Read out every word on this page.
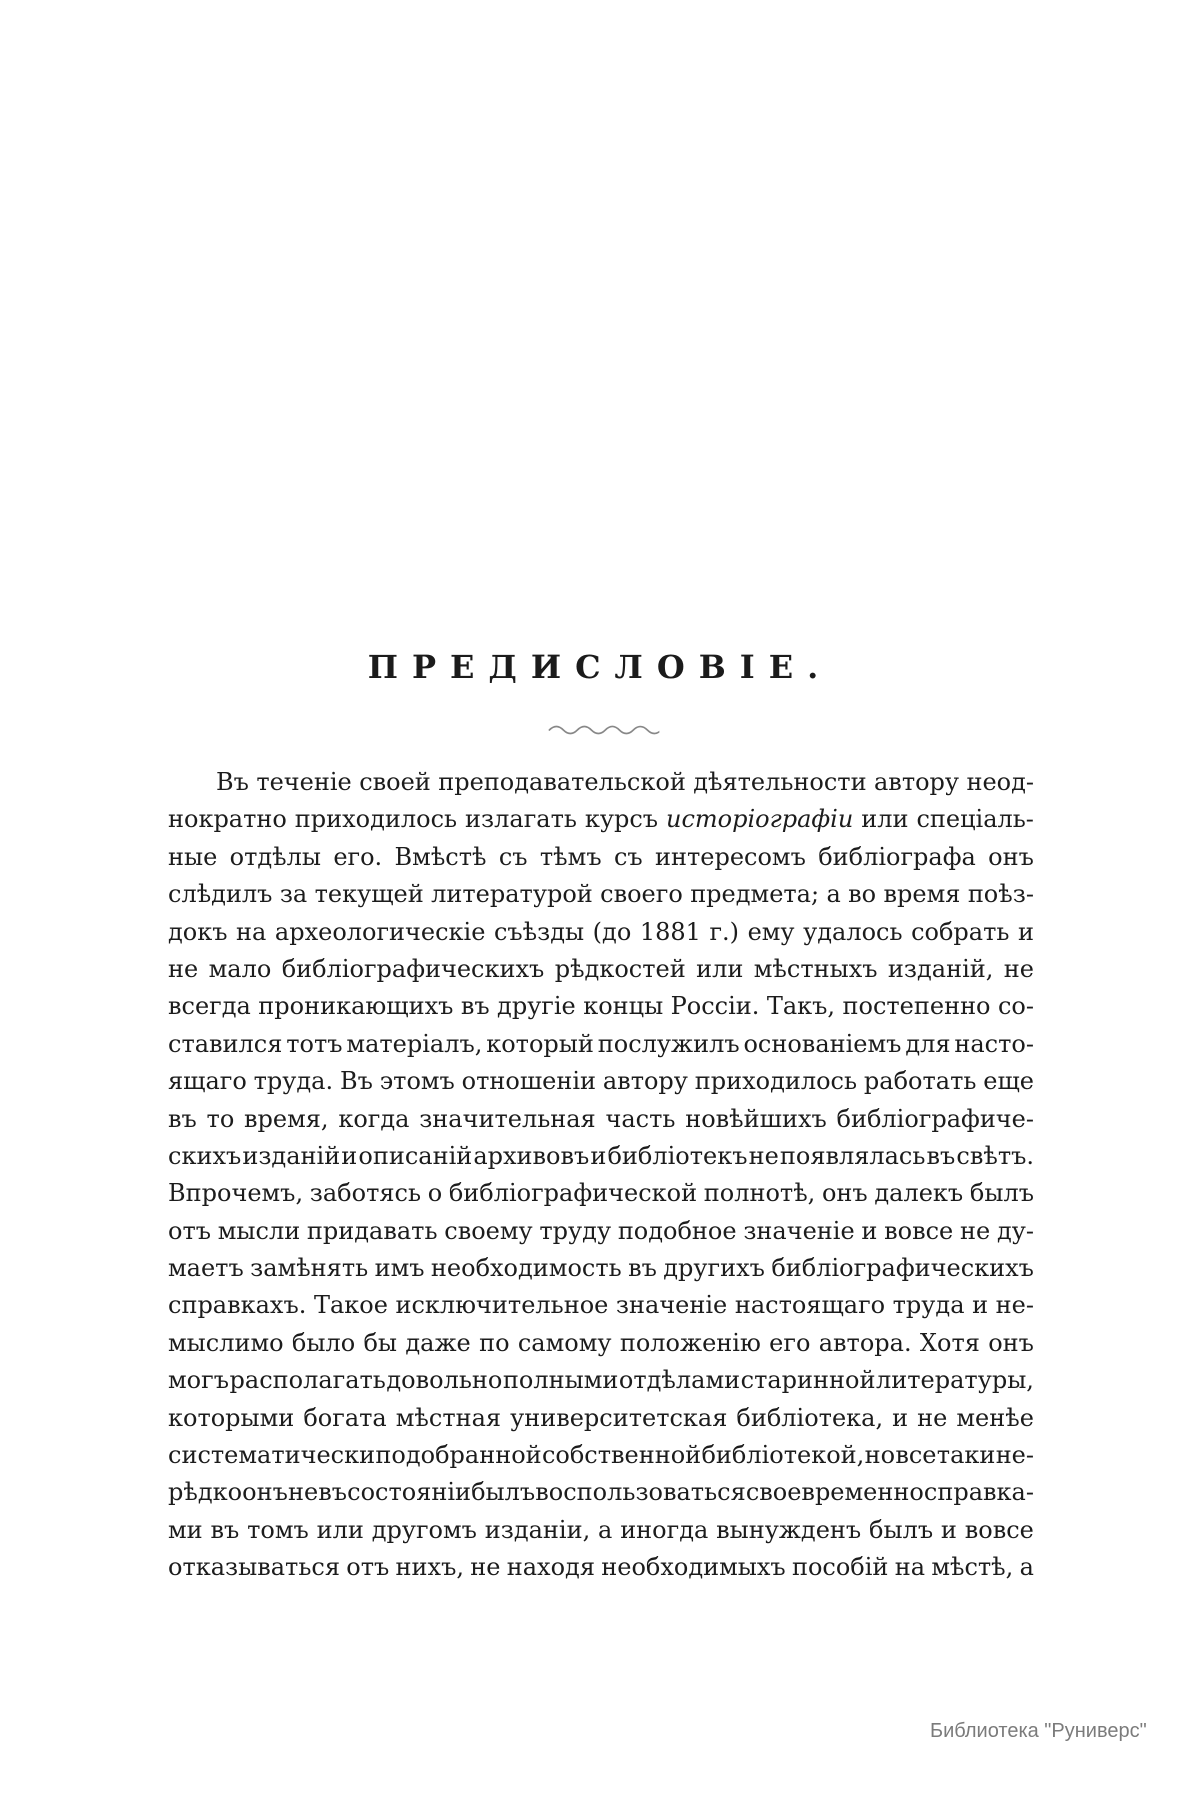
ПРЕДИСЛОВІЕ.
Въ теченіе своей преподавательской дѣятельности автору неод-
нократно приходилось излагать курсъ исторіографіи или спеціаль-
ные отдѣлы его. Вмѣстѣ съ тѣмъ съ интересомъ библіографа онъ
слѣдилъ за текущей литературой своего предмета; а во время поѣз-
докъ на археологическіе съѣзды (до 1881 г.) ему удалось собрать и
не мало библіографическихъ рѣдкостей или мѣстныхъ изданій, не
всегда проникающихъ въ другіе концы Россіи. Такъ, постепенно со-
ставился тотъ матеріалъ, который послужилъ основаніемъ для насто-
ящаго труда. Въ этомъ отношеніи автору приходилось работать еще
въ то время, когда значительная часть новѣйшихъ библіографиче-
скихъ изданій и описаній архивовъ и библіотекъ не появлялась въ свѣтъ.
Впрочемъ, заботясь о библіографической полнотѣ, онъ далекъ былъ
отъ мысли придавать своему труду подобное значеніе и вовсе не ду-
маетъ замѣнять имъ необходимость въ другихъ библіографическихъ
справкахъ. Такое исключительное значеніе настоящаго труда и не-
мыслимо было бы даже по самому положенію его автора. Хотя онъ
могъ располагать довольно полными отдѣлами старинной литературы,
которыми богата мѣстная университетская библіотека, и не менѣе
систематически подобранной собственной библіотекой, но все таки не-
рѣдко онъ не въ состояніи былъ воспользоваться своевременно справка-
ми въ томъ или другомъ изданіи, а иногда вынужденъ былъ и вовсе
отказываться отъ нихъ, не находя необходимыхъ пособій на мѣстѣ, а
Библиотека "Руниверс"
